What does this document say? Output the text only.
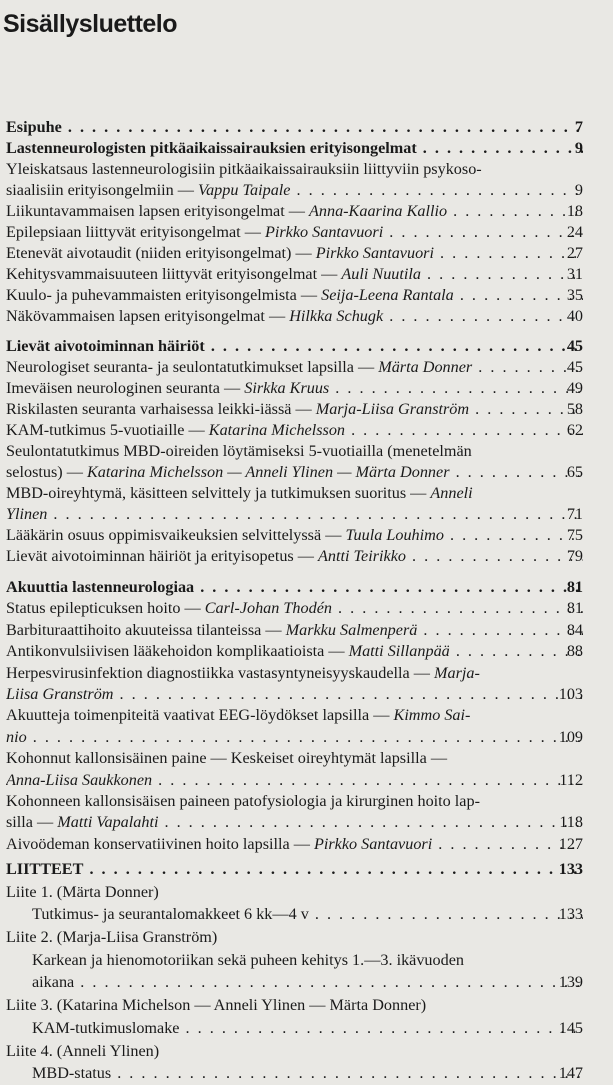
Sisällysluettelo
Esipuhe . . .	7
Lastenneurologisten pitkäaikaissairauksien erityisongelmat . . .	9
Yleiskatsaus lastenneurologisiin pitkäaikaissairauksiin liittyviin psykoso-
siaalisiin erityisongelmiin — Vappu Taipale . . .	9
Liikuntavammaisen lapsen erityisongelmat — Anna-Kaarina Kallio . . .	18
Epilepsiaan liittyvät erityisongelmat — Pirkko Santavuori . . .	24
Etenevät aivotaudit (niiden erityisongelmat) — Pirkko Santavuori . . .	27
Kehitysvammaisuuteen liittyvät erityisongelmat — Auli Nuutila . . .	31
Kuulo- ja puhevammaisten erityisongelmista — Seija-Leena Rantala . . .	35
Näkövammaisen lapsen erityisongelmat — Hilkka Schugk . . .	40
Lievät aivotoiminnan häiriöt . . .	45
Neurologiset seuranta- ja seulontatutkimukset lapsilla — Märta Donner . . .	45
Imeväisen neurologinen seuranta — Sirkka Kruus . . .	49
Riskilasten seuranta varhaisessa leikki-iässä — Marja-Liisa Granström . . .	58
KAM-tutkimus 5-vuotiaille — Katarina Michelsson . . .	62
Seulontatutkimus MBD-oireiden löytämiseksi 5-vuotiailla (menetelmän
selostus) — Katarina Michelsson — Anneli Ylinen — Märta Donner . . .	65
MBD-oireyhtymä, käsitteen selvittely ja tutkimuksen suoritus — Anneli
Ylinen . . .	71
Lääkärin osuus oppimisvaikeuksien selvittelyssä — Tuula Louhimo . . .	75
Lievät aivotoiminnan häiriöt ja erityisopetus — Antti Teirikko . . .	79
Akuuttia lastenneurologiaa . . .	81
Status epilepticuksen hoito — Carl-Johan Thodén . . .	81
Barbituraattihoito akuuteissa tilanteissa — Markku Salmenperä . . .	84
Antikonvulsiivisen lääkehoidon komplikaatioista — Matti Sillanpää . . .	88
Herpesvirusinfektion diagnostiikka vastasyntyneisyyskaudella — Marja-
Liisa Granström . . .	103
Akuutteja toimenpiteitä vaativat EEG-löydökset lapsilla — Kimmo Sai-
nio . . .	109
Kohonnut kallonsisäinen paine — Keskeiset oireyhtymät lapsilla —
Anna-Liisa Saukkonen . . .	112
Kohonneen kallonsisäisen paineen patofysiologia ja kirurginen hoito lap-
silla — Matti Vapalahti . . .	118
Aivoödeman konservatiivinen hoito lapsilla — Pirkko Santavuori . . .	127
LIITTEET . . .	133
Liite 1. (Märta Donner)
Tutkimus- ja seurantalomakkeet 6 kk—4 v . . .	133
Liite 2. (Marja-Liisa Granström)
Karkean ja hienomotoriikan sekä puheen kehitys 1.—3. ikävuoden
aikana . . .	139
Liite 3. (Katarina Michelson — Anneli Ylinen — Märta Donner)
KAM-tutkimuslomake . . .	145
Liite 4. (Anneli Ylinen)
MBD-status . . .	147
